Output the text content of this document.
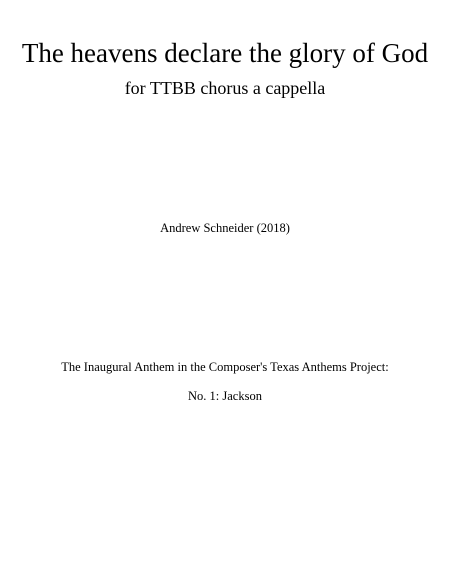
The heavens declare the glory of God
for TTBB chorus a cappella
Andrew Schneider (2018)
The Inaugural Anthem in the Composer's Texas Anthems Project:
No. 1: Jackson
